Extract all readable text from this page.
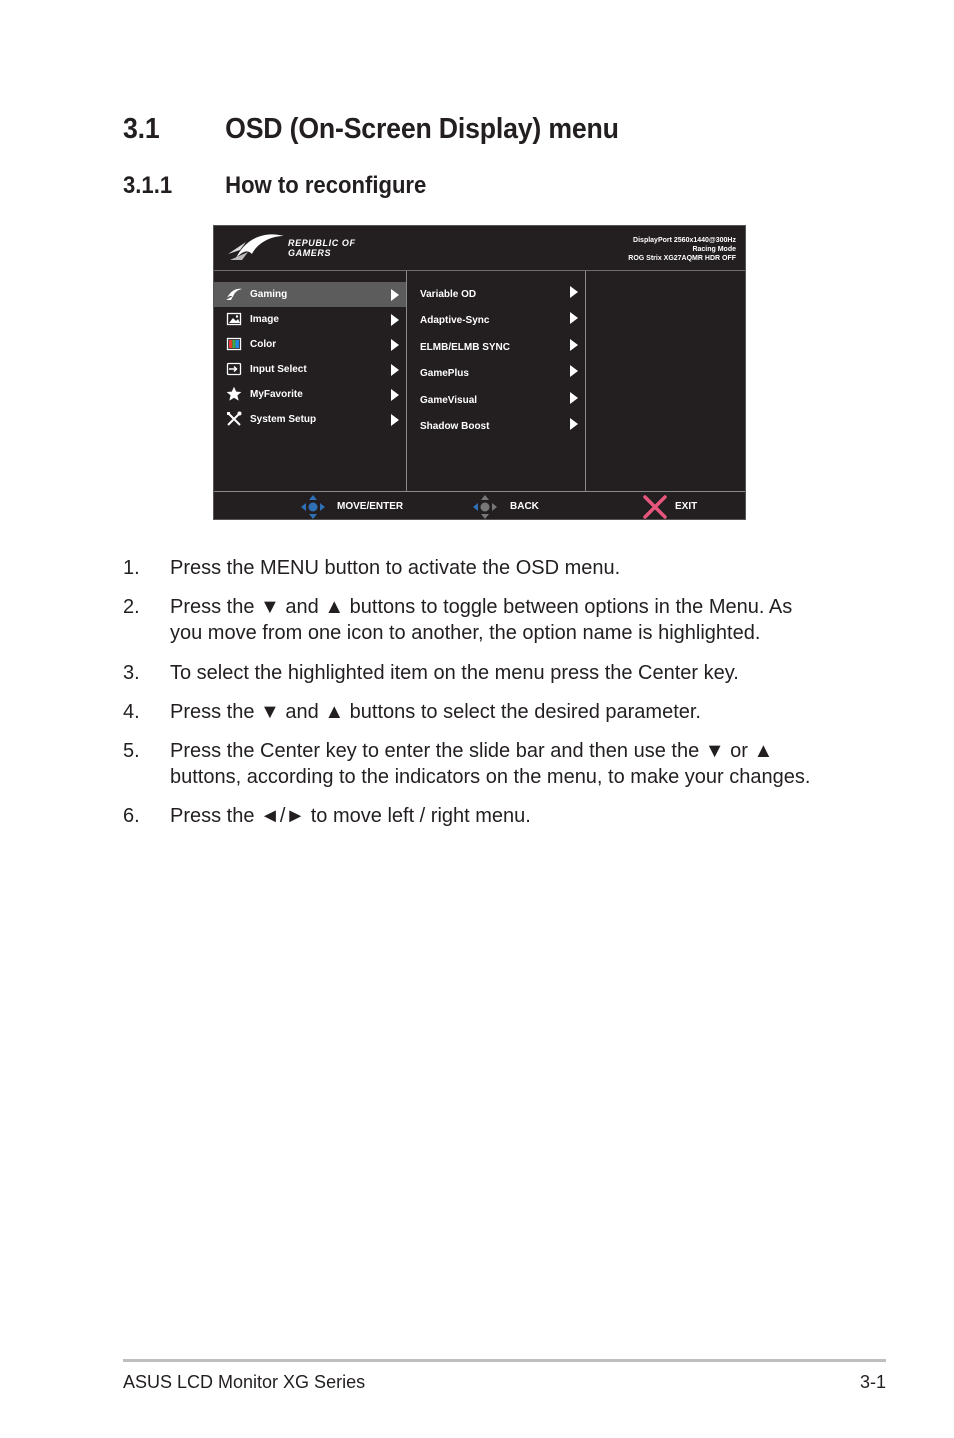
3.1 OSD (On-Screen Display) menu
3.1.1 How to reconfigure
REPUBLIC OF
GAMERS
DisplayPort 2560x1440@300Hz
Racing Mode
ROG Strix XG27AQMR HDR OFF
Gaming
Image
Color
Input Select
MyFavorite
System Setup
Variable OD
Adaptive-Sync
ELMB/ELMB SYNC
GamePlus
GameVisual
Shadow Boost
MOVE/ENTER	BACK	EXIT
1. Press the MENU button to activate the OSD menu.
2. Press the ▼ and ▲ buttons to toggle between options in the Menu. As you move from one icon to another, the option name is highlighted.
3. To select the highlighted item on the menu press the Center key.
4. Press the ▼ and ▲ buttons to select the desired parameter.
5. Press the Center key to enter the slide bar and then use the ▼ or ▲ buttons, according to the indicators on the menu, to make your changes.
6. Press the ◄/► to move left / right menu.
ASUS LCD Monitor XG Series	3-1
